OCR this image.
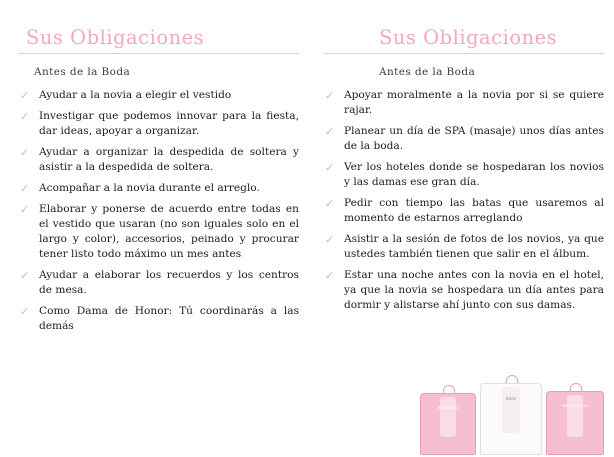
Sus Obligaciones
Antes de la Boda
✓ Ayudar a la novia a elegir el vestido
✓ Investigar que podemos innovar para la fiesta, dar ideas, apoyar a organizar.
✓ Ayudar a organizar la despedida de soltera y asistir a la despedida de soltera.
✓ Acompañar a la novia durante el arreglo.
✓ Elaborar y ponerse de acuerdo entre todas en el vestido que usaran (no son iguales solo en el largo y color), accesorios, peinado y procurar tener listo todo máximo un mes antes
✓ Ayudar a elaborar los recuerdos y los centros de mesa.
✓ Como Dama de Honor: Tú coordinarás a las demás
Sus Obligaciones
Antes de la Boda
✓ Apoyar moralmente a la novia por si se quiere rajar.
✓ Planear un día de SPA (masaje) unos días antes de la boda.
✓ Ver los hoteles donde se hospedaran los novios y las damas ese gran día.
✓ Pedir con tiempo las batas que usaremos al momento de estarnos arreglando
✓ Asistir a la sesión de fotos de los novios, ya que ustedes también tienen que salir en el álbum.
✓ Estar una noche antes con la novia en el hotel, ya que la novia se hospedara un día antes para dormir y alistarse ahí junto con sus damas.
Bridesmaid
Bride
Maid of Honor
